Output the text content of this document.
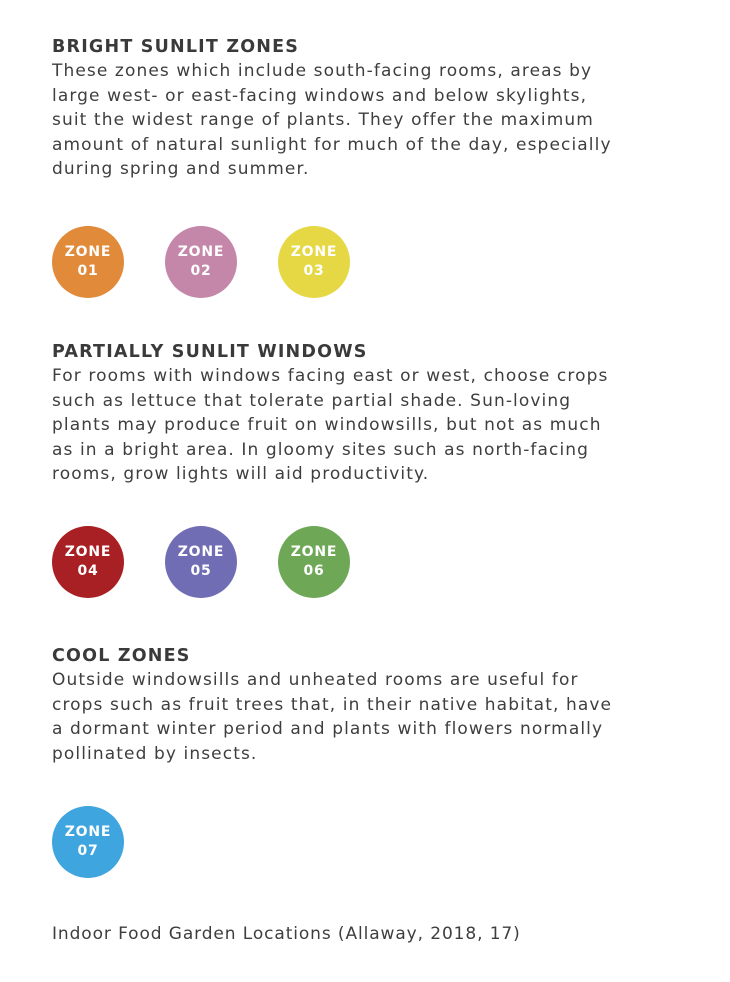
BRIGHT SUNLIT ZONES
These zones which include south-facing rooms, areas by
large west- or east-facing windows and below skylights,
suit the widest range of plants. They offer the maximum
amount of natural sunlight for much of the day, especially
during spring and summer.
ZONE
01
ZONE
02
ZONE
03
PARTIALLY SUNLIT WINDOWS
For rooms with windows facing east or west, choose crops
such as lettuce that tolerate partial shade. Sun-loving
plants may produce fruit on windowsills, but not as much
as in a bright area. In gloomy sites such as north-facing
rooms, grow lights will aid productivity.
ZONE
04
ZONE
05
ZONE
06
COOL ZONES
Outside windowsills and unheated rooms are useful for
crops such as fruit trees that, in their native habitat, have
a dormant winter period and plants with flowers normally
pollinated by insects.
ZONE
07

Indoor Food Garden Locations (Allaway, 2018, 17)
